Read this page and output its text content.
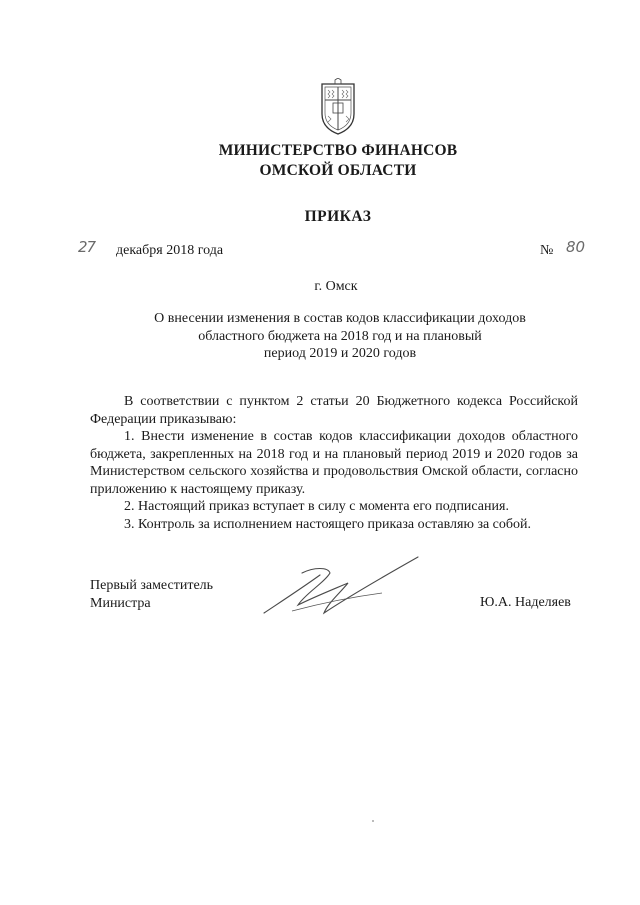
МИНИСТЕРСТВО ФИНАНСОВ
ОМСКОЙ ОБЛАСТИ
ПРИКАЗ
27 декабря 2018 года	№ 80
г. Омск
О внесении изменения в состав кодов классификации доходов
областного бюджета на 2018 год и на плановый
период 2019 и 2020 годов

В соответствии с пунктом 2 статьи 20 Бюджетного кодекса Российской Федерации приказываю:

1. Внести изменение в состав кодов классификации доходов областного бюджета, закрепленных на 2018 год и на плановый период 2019 и 2020 годов за Министерством сельского хозяйства и продовольствия Омской области, согласно приложению к настоящему приказу.

2. Настоящий приказ вступает в силу с момента его подписания.

3. Контроль за исполнением настоящего приказа оставляю за собой.

Первый заместитель
Министра	Ю.А. Наделяев
